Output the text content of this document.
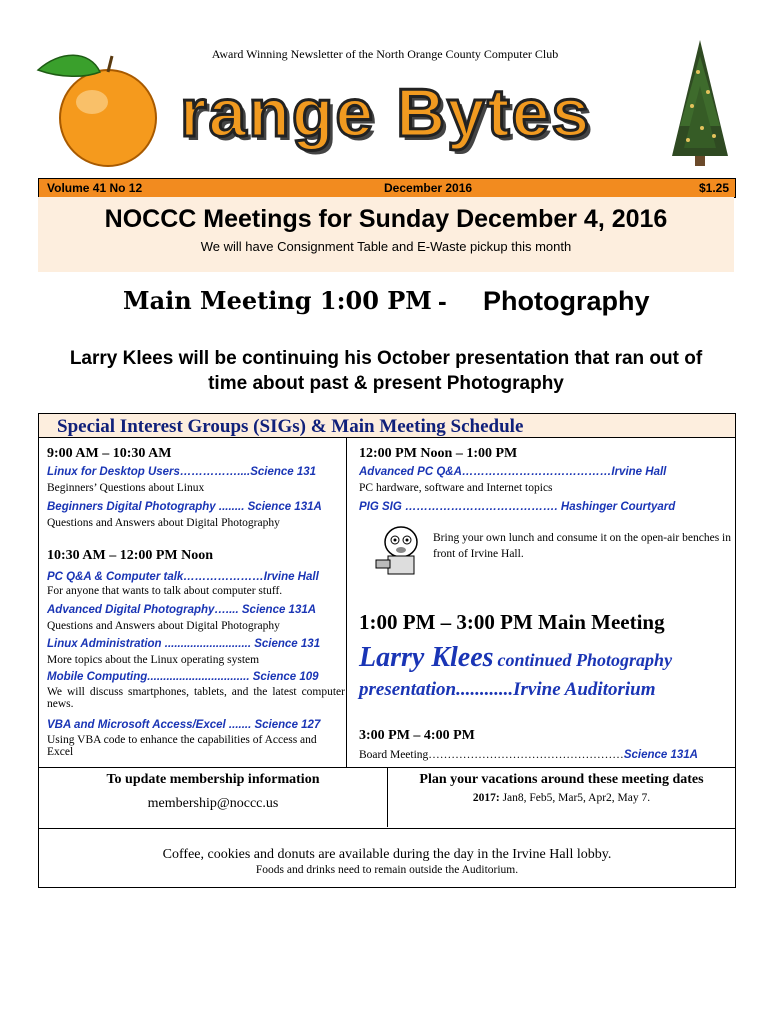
Award Winning Newsletter of the North Orange County Computer Club
range Bytes
Volume 41 No 12	December 2016	$1.25
NOCCC Meetings for Sunday December 4, 2016
We will have Consignment Table and E-Waste pickup this month
Main Meeting 1:00 PM - Photography
Larry Klees will be continuing his October presentation that ran out of
time about past & present Photography
Special Interest Groups (SIGs) & Main Meeting Schedule
9:00 AM – 10:30 AM
Linux for Desktop Users……………....Science 131
Beginners’ Questions about Linux
Beginners Digital Photography ........ Science 131A
Questions and Answers about Digital Photography
10:30 AM – 12:00 PM Noon
PC Q&A & Computer talk…………………Irvine Hall
For anyone that wants to talk about computer stuff.
Advanced Digital Photography….... Science 131A
Questions and Answers about Digital Photography
Linux Administration ........................... Science 131
More topics about the Linux operating system
Mobile Computing................................ Science 109
We will discuss smartphones, tablets, and the latest computer news.
VBA and Microsoft Access/Excel ....... Science 127
Using VBA code to enhance the capabilities of Access and Excel
12:00 PM Noon – 1:00 PM
Advanced PC Q&A…………………………………Irvine Hall
PC hardware, software and Internet topics
PIG SIG …………………………………. Hashinger Courtyard
Bring your own lunch and consume it on the open-air benches in front of Irvine Hall.
1:00 PM – 3:00 PM Main Meeting
Larry Klees continued Photography
presentation............Irvine Auditorium
3:00 PM – 4:00 PM
Board Meeting……………………………………………Science 131A
To update membership information
membership@noccc.us
Plan your vacations around these meeting dates
2017: Jan8, Feb5, Mar5, Apr2, May 7.
Coffee, cookies and donuts are available during the day in the Irvine Hall lobby.
Foods and drinks need to remain outside the Auditorium.
